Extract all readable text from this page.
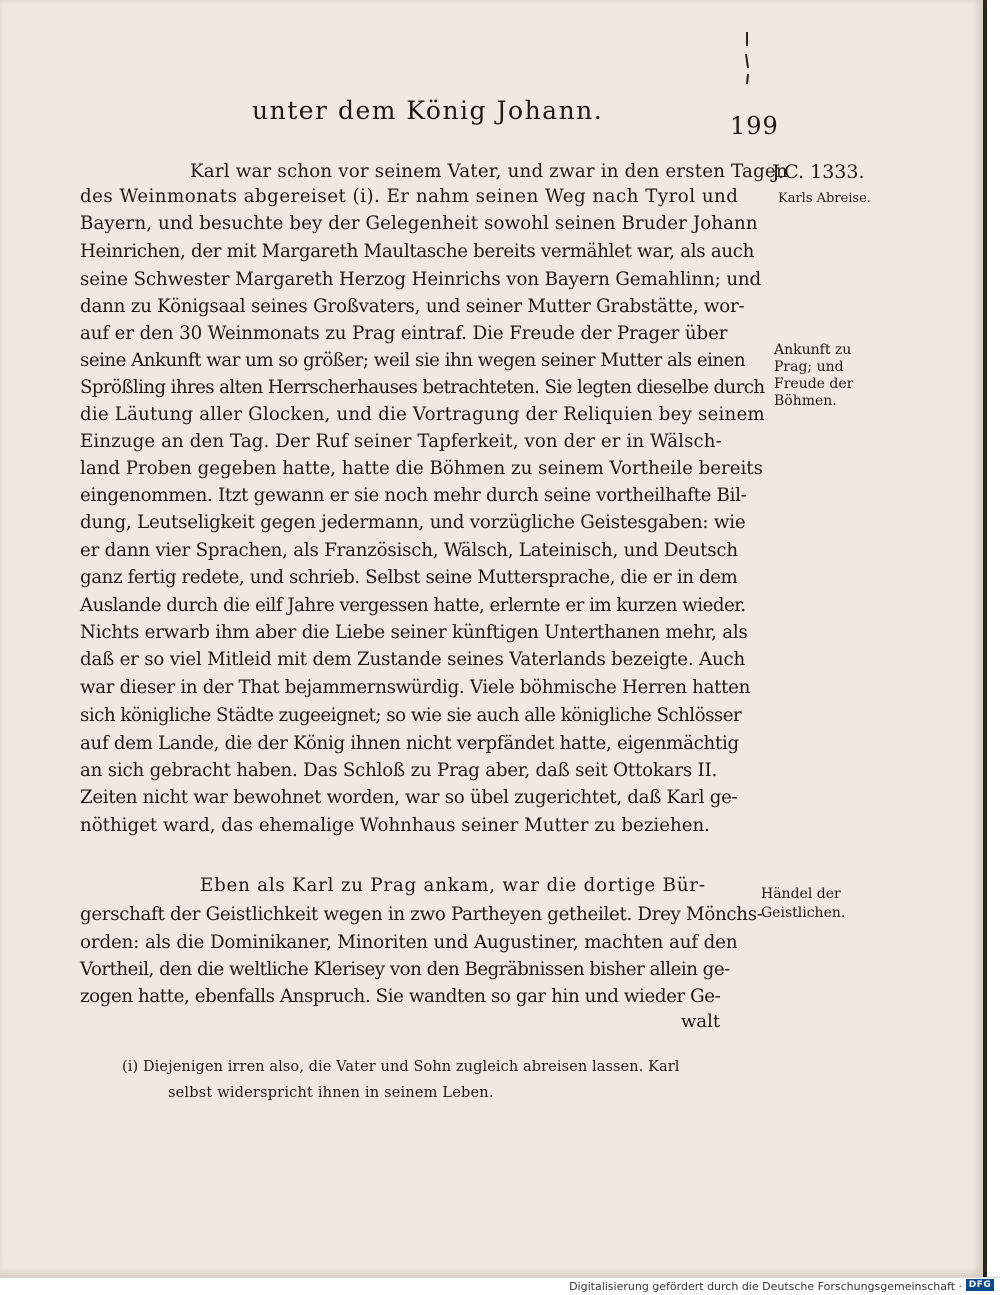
unter dem König Johann.
199
Karl war schon vor seinem Vater, und zwar in den ersten Tagen
des Weinmonats abgereiset (i). Er nahm seinen Weg nach Tyrol und
Bayern, und besuchte bey der Gelegenheit sowohl seinen Bruder Johann
Heinrichen, der mit Margareth Maultasche bereits vermählet war, als auch
seine Schwester Margareth Herzog Heinrichs von Bayern Gemahlinn; und
dann zu Königsaal seines Großvaters, und seiner Mutter Grabstätte, wor-
auf er den 30 Weinmonats zu Prag eintraf. Die Freude der Prager über
seine Ankunft war um so größer; weil sie ihn wegen seiner Mutter als einen
Sprößling ihres alten Herrscherhauses betrachteten. Sie legten dieselbe durch
die Läutung aller Glocken, und die Vortragung der Reliquien bey seinem
Einzuge an den Tag. Der Ruf seiner Tapferkeit, von der er in Wälsch-
land Proben gegeben hatte, hatte die Böhmen zu seinem Vortheile bereits
eingenommen. Itzt gewann er sie noch mehr durch seine vortheilhafte Bil-
dung, Leutseligkeit gegen jedermann, und vorzügliche Geistesgaben: wie
er dann vier Sprachen, als Französisch, Wälsch, Lateinisch, und Deutsch
ganz fertig redete, und schrieb. Selbst seine Muttersprache, die er in dem
Auslande durch die eilf Jahre vergessen hatte, erlernte er im kurzen wieder.
Nichts erwarb ihm aber die Liebe seiner künftigen Unterthanen mehr, als
daß er so viel Mitleid mit dem Zustande seines Vaterlands bezeigte. Auch
war dieser in der That bejammernswürdig. Viele böhmische Herren hatten
sich königliche Städte zugeeignet; so wie sie auch alle königliche Schlösser
auf dem Lande, die der König ihnen nicht verpfändet hatte, eigenmächtig
an sich gebracht haben. Das Schloß zu Prag aber, daß seit Ottokars II.
Zeiten nicht war bewohnet worden, war so übel zugerichtet, daß Karl ge-
nöthiget ward, das ehemalige Wohnhaus seiner Mutter zu beziehen.
Eben als Karl zu Prag ankam, war die dortige Bür-
gerschaft der Geistlichkeit wegen in zwo Partheyen getheilet. Drey Mönchs-
orden: als die Dominikaner, Minoriten und Augustiner, machten auf den
Vortheil, den die weltliche Klerisey von den Begräbnissen bisher allein ge-
zogen hatte, ebenfalls Anspruch. Sie wandten so gar hin und wieder Ge-
walt
J.C. 1333.
Karls Abreise.
Ankunft zu
Prag; und
Freude der
Böhmen.
Händel der
Geistlichen.
(i) Diejenigen irren also, die Vater und Sohn zugleich abreisen lassen. Karl
selbst widerspricht ihnen in seinem Leben.
Digitalisierung gefördert durch die Deutsche Forschungsgemeinschaft · DFG
